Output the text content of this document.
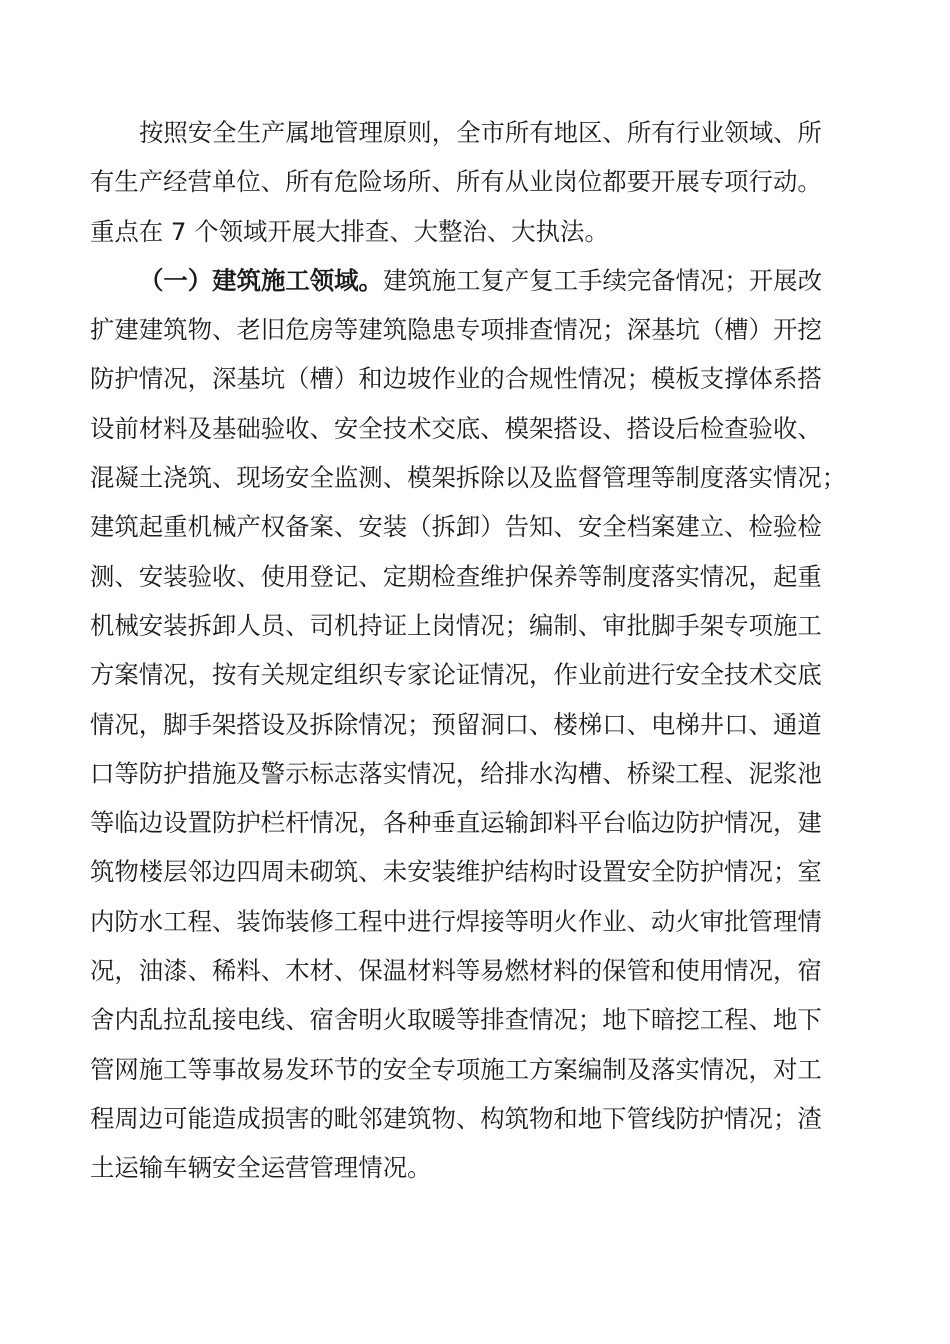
按照安全生产属地管理原则，全市所有地区、所有行业领域、所
有生产经营单位、所有危险场所、所有从业岗位都要开展专项行动。
重点在 7 个领域开展大排查、大整治、大执法。
（一）建筑施工领域。建筑施工复产复工手续完备情况；开展改
扩建建筑物、老旧危房等建筑隐患专项排查情况；深基坑（槽）开挖
防护情况，深基坑（槽）和边坡作业的合规性情况；模板支撑体系搭
设前材料及基础验收、安全技术交底、模架搭设、搭设后检查验收、
混凝土浇筑、现场安全监测、模架拆除以及监督管理等制度落实情况；
建筑起重机械产权备案、安装（拆卸）告知、安全档案建立、检验检
测、安装验收、使用登记、定期检查维护保养等制度落实情况，起重
机械安装拆卸人员、司机持证上岗情况；编制、审批脚手架专项施工
方案情况，按有关规定组织专家论证情况，作业前进行安全技术交底
情况，脚手架搭设及拆除情况；预留洞口、楼梯口、电梯井口、通道
口等防护措施及警示标志落实情况，给排水沟槽、桥梁工程、泥浆池
等临边设置防护栏杆情况，各种垂直运输卸料平台临边防护情况，建
筑物楼层邻边四周未砌筑、未安装维护结构时设置安全防护情况；室
内防水工程、装饰装修工程中进行焊接等明火作业、动火审批管理情
况，油漆、稀料、木材、保温材料等易燃材料的保管和使用情况，宿
舍内乱拉乱接电线、宿舍明火取暖等排查情况；地下暗挖工程、地下
管网施工等事故易发环节的安全专项施工方案编制及落实情况，对工
程周边可能造成损害的毗邻建筑物、构筑物和地下管线防护情况；渣
土运输车辆安全运营管理情况。
